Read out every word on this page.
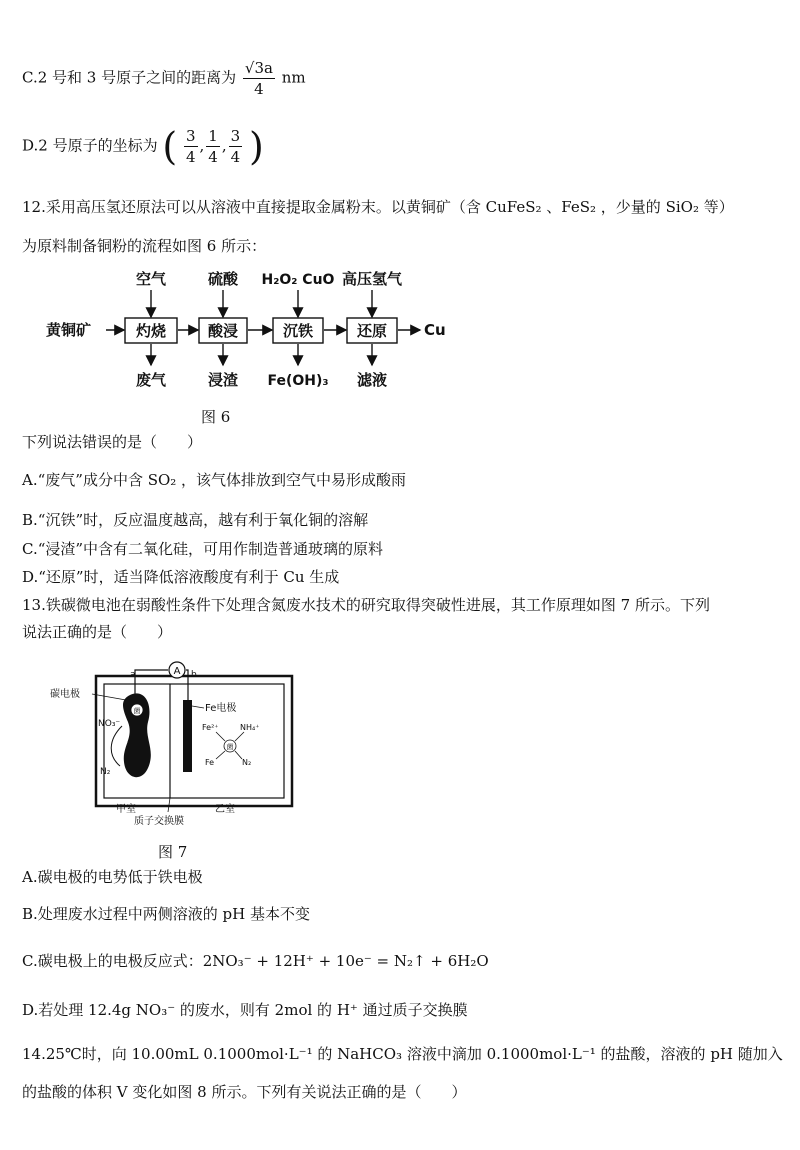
C.2 号和 3 号原子之间的距离为 $\frac{√3a}{4}$ nm
D.2 号原子的坐标为 ( $\frac{3}{4}$ , $\frac{1}{4}$ , $\frac{3}{4}$ )
12.采用高压氢还原法可以从溶液中直接提取金属粉末。以黄铜矿（含 CuFeS₂ 、FeS₂ ，少量的 SiO₂ 等）
为原料制备铜粉的流程如图 6 所示：
黄铜矿	灼烧
空气
废气
酸浸
硫酸
浸渣
沉铁
H₂O₂ CuO
Fe(OH)₃
还原
高压氢气
滤液
Cu
图 6
下列说法错误的是（　　）
A.“废气”成分中含 SO₂ ，该气体排放到空气中易形成酸雨
B.“沉铁”时，反应温度越高，越有利于氧化铜的溶解
C.“浸渣”中含有二氧化硅，可用作制造普通玻璃的原料
D.“还原”时，适当降低溶液酸度有利于 Cu 生成
13.铁碳微电池在弱酸性条件下处理含氮废水技术的研究取得突破性进展，其工作原理如图 7 所示。下列
说法正确的是（　　）
A
a	b
菌
碳电极
NO₃⁻
N₂
Fe电极
菌
Fe²⁺	NH₄⁺
Fe	N₂
甲室	乙室
质子交换膜
图 7
A.碳电极的电势低于铁电极
B.处理废水过程中两侧溶液的 pH 基本不变
C.碳电极上的电极反应式：2NO₃⁻ + 12H⁺ + 10e⁻ = N₂↑ + 6H₂O
D.若处理 12.4g NO₃⁻ 的废水，则有 2mol 的 H⁺ 通过质子交换膜
14.25℃时，向 10.00mL 0.1000mol·L⁻¹ 的 NaHCO₃ 溶液中滴加 0.1000mol·L⁻¹ 的盐酸，溶液的 pH 随加入
的盐酸的体积 V 变化如图 8 所示。下列有关说法正确的是（　　）
